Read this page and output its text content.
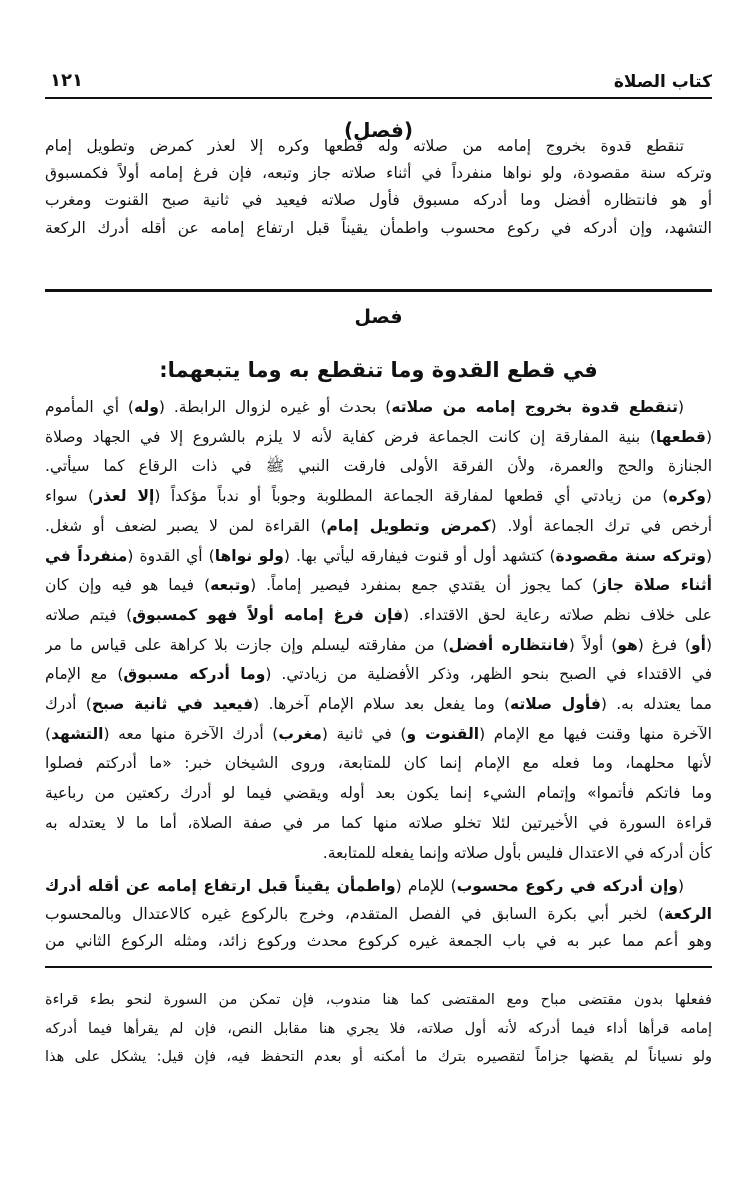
كتاب الصلاة
١٢١
(فصل)
تنقطع قدوة بخروج إمامه من صلاته وله قطعها وكره إلا لعذر كمرض وتطويل إمام
وتركه سنة مقصودة، ولو نواها منفرداً في أثناء صلاته جاز وتبعه، فإن فرغ إمامه أولاً فكمسبوق
أو هو فانتظاره أفضل وما أدركه مسبوق فأول صلاته فيعيد في ثانية صبح القنوت ومغرب
التشهد، وإن أدركه في ركوع محسوب واطمأن يقيناً قبل ارتفاع إمامه عن أقله أدرك الركعة
فصل
في قطع القدوة وما تنقطع به وما يتبعهما:
(تنقطع قدوة بخروج إمامه من صلاته) بحدث أو غيره لزوال الرابطة. (وله) أي المأموم
(قطعها) بنية المفارقة إن كانت الجماعة فرض كفاية لأنه لا يلزم بالشروع إلا في الجهاد وصلاة
الجنازة والحج والعمرة، ولأن الفرقة الأولى فارقت النبي ﷺ في ذات الرقاع كما سيأتي.
(وكره) من زيادتي أي قطعها لمفارقة الجماعة المطلوبة وجوباً أو ندباً مؤكداً (إلا لعذر) سواء
أرخص في ترك الجماعة أولا. (كمرض وتطويل إمام) القراءة لمن لا يصبر لضعف أو شغل.
(وتركه سنة مقصودة) كتشهد أول أو قنوت فيفارقه ليأتي بها. (ولو نواها) أي القدوة (منفرداً في
أثناء صلاة جاز) كما يجوز أن يقتدي جمع بمنفرد فيصير إماماً. (وتبعه) فيما هو فيه وإن كان
على خلاف نظم صلاته رعاية لحق الاقتداء. (فإن فرغ إمامه أولاً فهو كمسبوق) فيتم صلاته
(أو) فرغ (هو) أولاً (فانتظاره أفضل) من مفارقته ليسلم وإن جازت بلا كراهة على قياس ما مر
في الاقتداء في الصبح بنحو الظهر، وذكر الأفضلية من زيادتي. (وما أدركه مسبوق) مع الإمام
مما يعتدله به. (فأول صلاته) وما يفعل بعد سلام الإمام آخرها. (فيعيد في ثانية صبح) أدرك
الآخرة منها وقنت فيها مع الإمام (القنوت و) في ثانية (مغرب) أدرك الآخرة منها معه (التشهد)
لأنها محلهما، وما فعله مع الإمام إنما كان للمتابعة، وروى الشيخان خبر: «ما أدركتم فصلوا
وما فاتكم فأتموا» وإتمام الشيء إنما يكون بعد أوله ويقضي فيما لو أدرك ركعتين من رباعية
قراءة السورة في الأخيرتين لئلا تخلو صلاته منها كما مر في صفة الصلاة، أما ما لا يعتدله به
كأن أدركه في الاعتدال فليس بأول صلاته وإنما يفعله للمتابعة.
(وإن أدركه في ركوع محسوب) للإمام (واطمأن يقيناً قبل ارتفاع إمامه عن أقله أدرك
الركعة) لخبر أبي بكرة السابق في الفصل المتقدم، وخرج بالركوع غيره كالاعتدال وبالمحسوب
وهو أعم مما عبر به في باب الجمعة غيره كركوع محدث وركوع زائد، ومثله الركوع الثاني من
ففعلها بدون مقتضى مباح ومع المقتضى كما هنا مندوب، فإن تمكن من السورة لنحو بطء قراءة
إمامه قرأها أداء فيما أدركه لأنه أول صلاته، فلا يجري هنا مقابل النص، فإن لم يقرأها فيما أدركه
ولو نسياناً لم يقضها جزاماً لتقصيره بترك ما أمكنه أو بعدم التحفظ فيه، فإن قيل: يشكل على هذا
